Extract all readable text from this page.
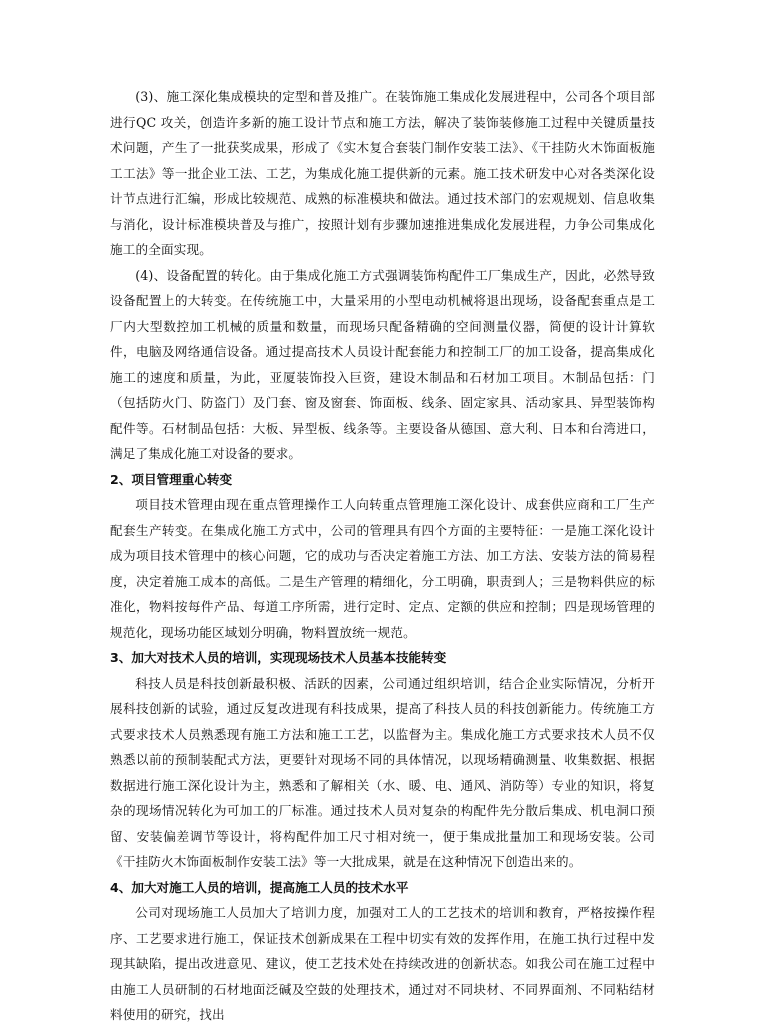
(3)、施工深化集成模块的定型和普及推广。在装饰施工集成化发展进程中，公司各个项目部进行QC 攻关，创造许多新的施工设计节点和施工方法，解决了装饰装修施工过程中关键质量技术问题，产生了一批获奖成果，形成了《实木复合套装门制作安装工法》、《干挂防火木饰面板施工工法》等一批企业工法、工艺，为集成化施工提供新的元素。施工技术研发中心对各类深化设计节点进行汇编，形成比较规范、成熟的标准模块和做法。通过技术部门的宏观规划、信息收集与消化，设计标准模块普及与推广，按照计划有步骤加速推进集成化发展进程，力争公司集成化施工的全面实现。

(4)、设备配置的转化。由于集成化施工方式强调装饰构配件工厂集成生产，因此，必然导致设备配置上的大转变。在传统施工中，大量采用的小型电动机械将退出现场，设备配套重点是工厂内大型数控加工机械的质量和数量，而现场只配备精确的空间测量仪器，简便的设计计算软件，电脑及网络通信设备。通过提高技术人员设计配套能力和控制工厂的加工设备，提高集成化施工的速度和质量，为此，亚厦装饰投入巨资，建设木制品和石材加工项目。木制品包括：门（包括防火门、防盗门）及门套、窗及窗套、饰面板、线条、固定家具、活动家具、异型装饰构配件等。石材制品包括：大板、异型板、线条等。主要设备从德国、意大利、日本和台湾进口，满足了集成化施工对设备的要求。

2、项目管理重心转变

项目技术管理由现在重点管理操作工人向转重点管理施工深化设计、成套供应商和工厂生产配套生产转变。在集成化施工方式中，公司的管理具有四个方面的主要特征：一是施工深化设计成为项目技术管理中的核心问题，它的成功与否决定着施工方法、加工方法、安装方法的简易程度，决定着施工成本的高低。二是生产管理的精细化，分工明确，职责到人；三是物料供应的标准化，物料按每件产品、每道工序所需，进行定时、定点、定额的供应和控制；四是现场管理的规范化，现场功能区域划分明确，物料置放统一规范。

3、加大对技术人员的培训，实现现场技术人员基本技能转变

科技人员是科技创新最积极、活跃的因素，公司通过组织培训，结合企业实际情况，分析开展科技创新的试验，通过反复改进现有科技成果，提高了科技人员的科技创新能力。传统施工方式要求技术人员熟悉现有施工方法和施工工艺，以监督为主。集成化施工方式要求技术人员不仅熟悉以前的预制装配式方法，更要针对现场不同的具体情况，以现场精确测量、收集数据、根据数据进行施工深化设计为主，熟悉和了解相关（水、暖、电、通风、消防等）专业的知识，将复杂的现场情况转化为可加工的厂标准。通过技术人员对复杂的构配件先分散后集成、机电洞口预留、安装偏差调节等设计，将构配件加工尺寸相对统一，便于集成批量加工和现场安装。公司《干挂防火木饰面板制作安装工法》等一大批成果，就是在这种情况下创造出来的。

4、加大对施工人员的培训，提高施工人员的技术水平

公司对现场施工人员加大了培训力度，加强对工人的工艺技术的培训和教育，严格按操作程序、工艺要求进行施工，保证技术创新成果在工程中切实有效的发挥作用，在施工执行过程中发现其缺陷，提出改进意见、建议，使工艺技术处在持续改进的创新状态。如我公司在施工过程中由施工人员研制的石材地面泛碱及空鼓的处理技术，通过对不同块材、不同界面剂、不同粘结材料使用的研究，找出
